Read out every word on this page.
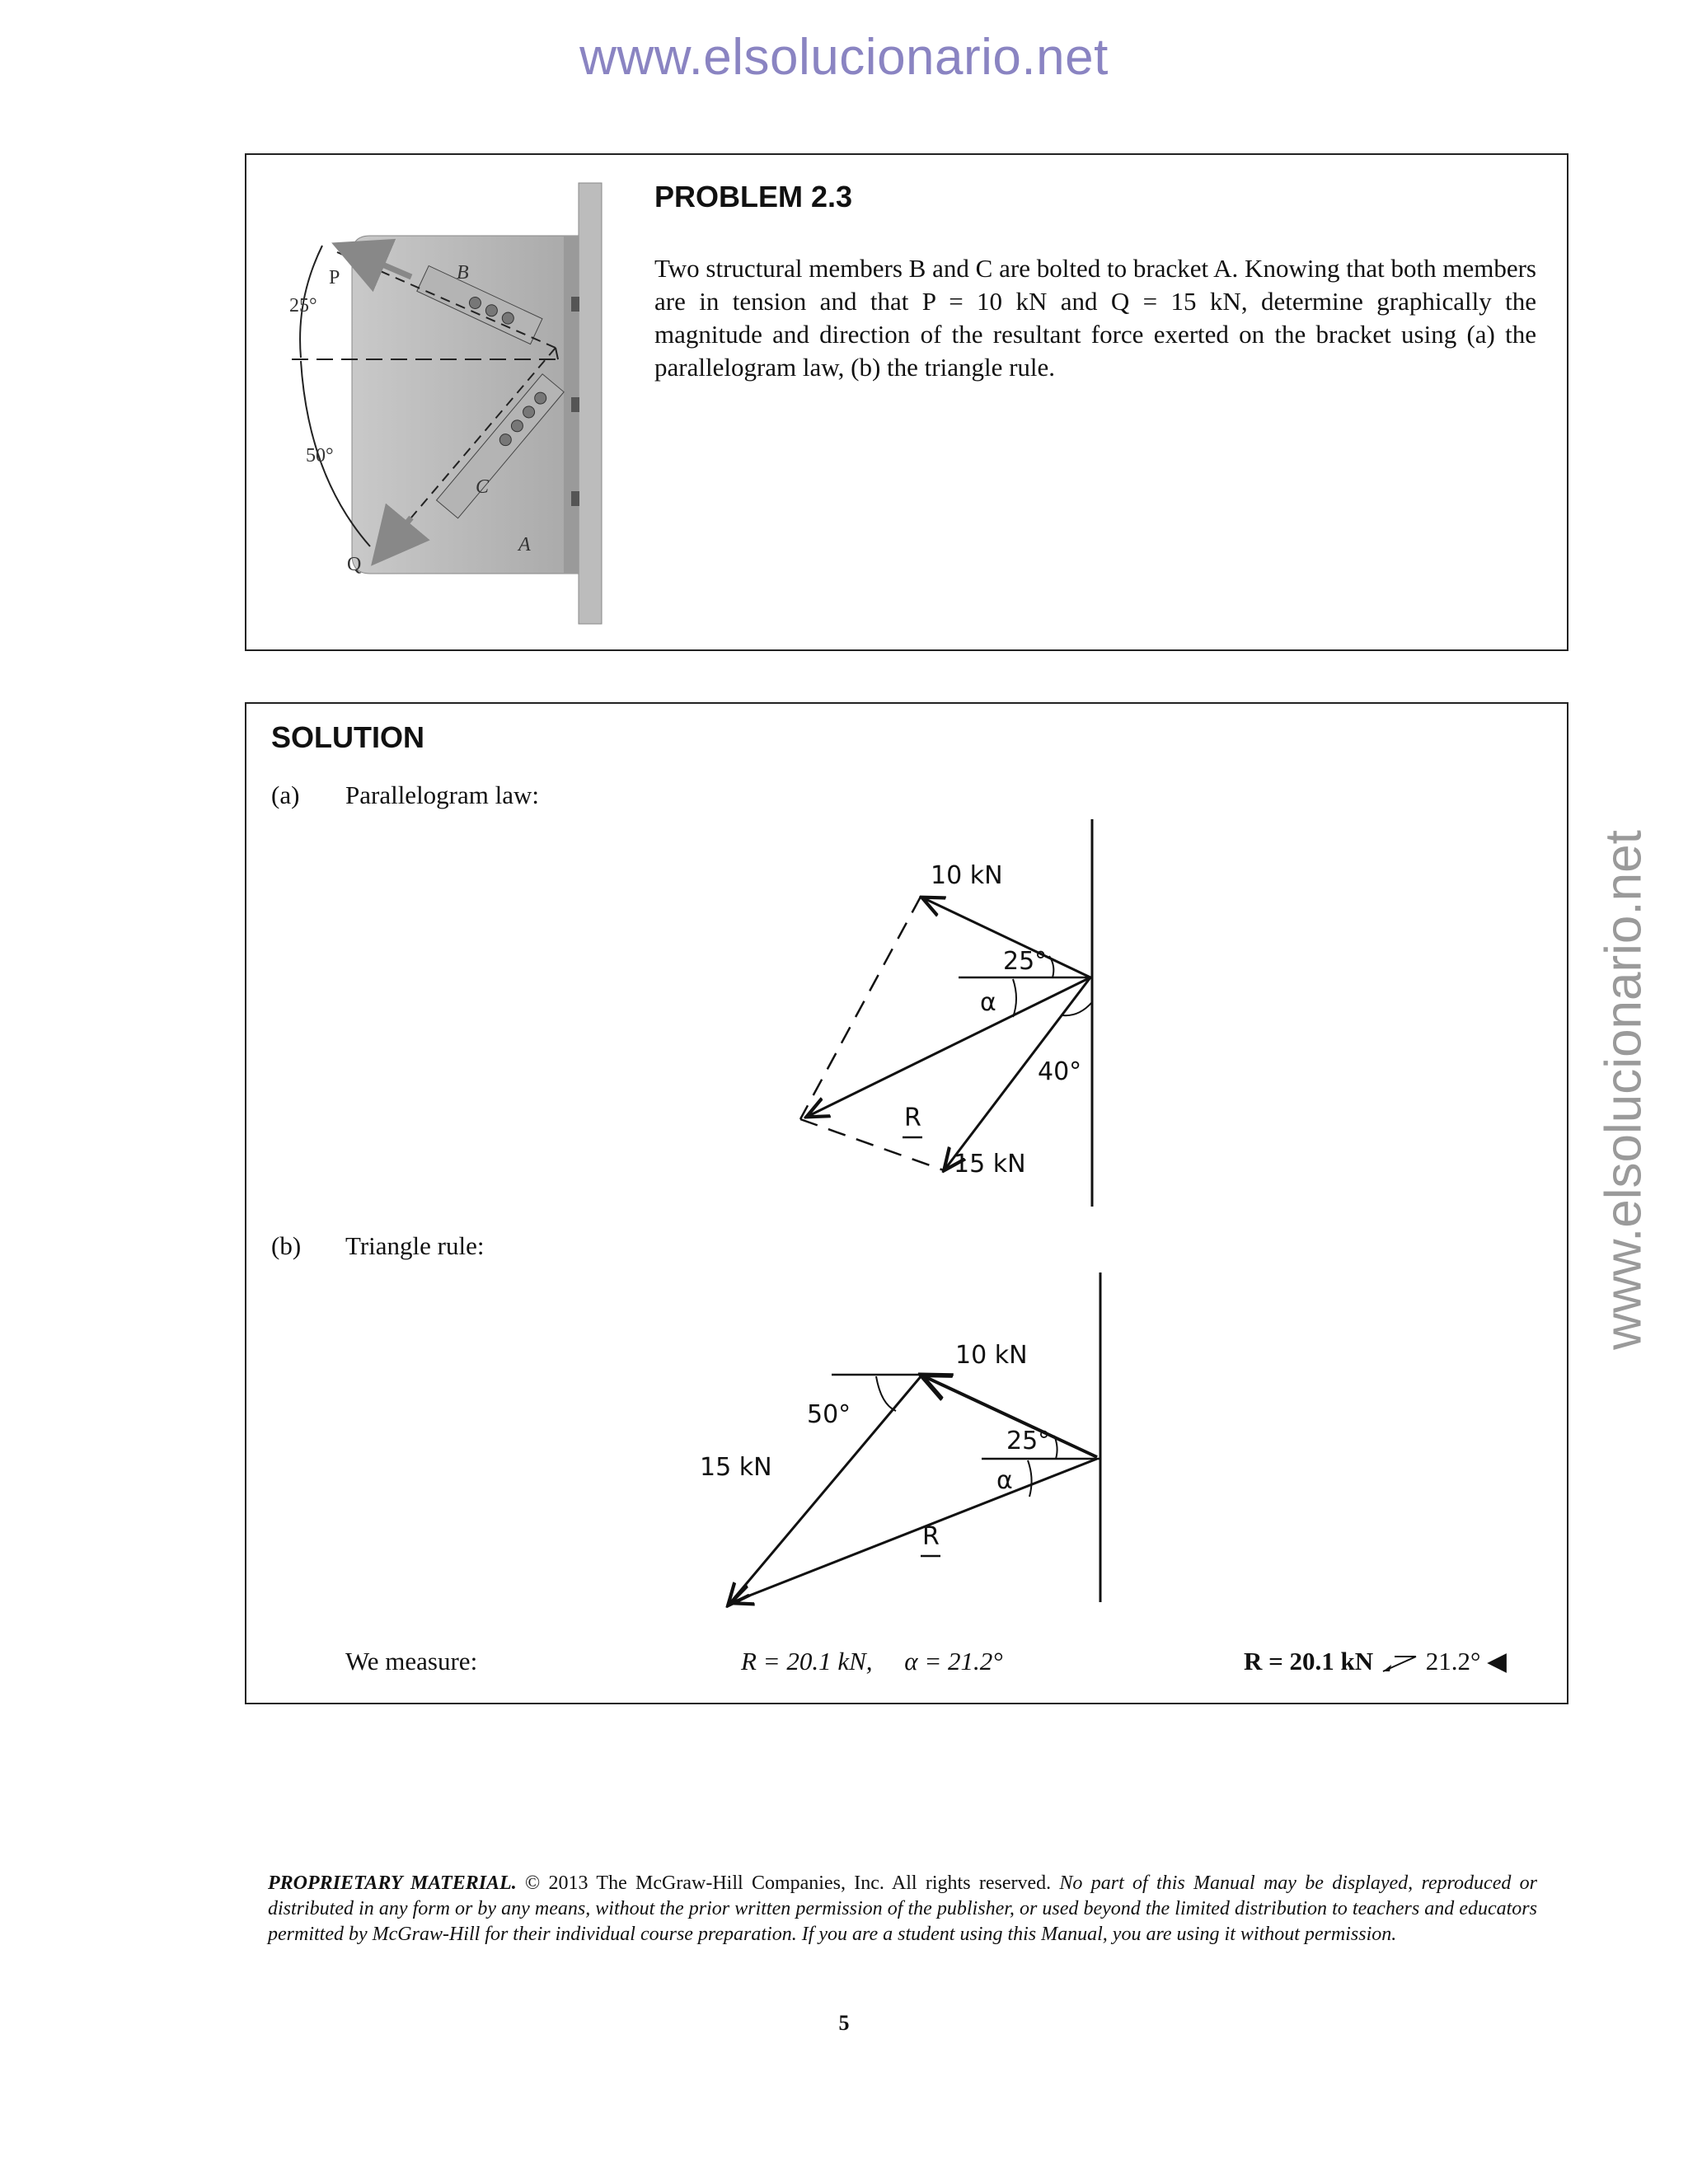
www.elsolucionario.net
www.elsolucionario.net
P	B
25°
50°
C
A
Q
PROBLEM 2.3

Two structural members B and C are bolted to bracket A. Knowing that both members are in tension and that P = 10 kN and Q = 15 kN, determine graphically the magnitude and direction of the resultant force exerted on the bracket using (a) the parallelogram law, (b) the triangle rule.

SOLUTION
(a) Parallelogram law:
10 kN
25°
α
40°
R
15 kN
(b) Triangle rule:
10 kN
50°
25°
α
15 kN
R
We measure:	R = 20.1 kN,     α = 21.2°	R = 20.1 kN 21.2° ◀

PROPRIETARY MATERIAL. © 2013 The McGraw-Hill Companies, Inc. All rights reserved. No part of this Manual may be displayed, reproduced or distributed in any form or by any means, without the prior written permission of the publisher, or used beyond the limited distribution to teachers and educators permitted by McGraw-Hill for their individual course preparation. If you are a student using this Manual, you are using it without permission.

5
